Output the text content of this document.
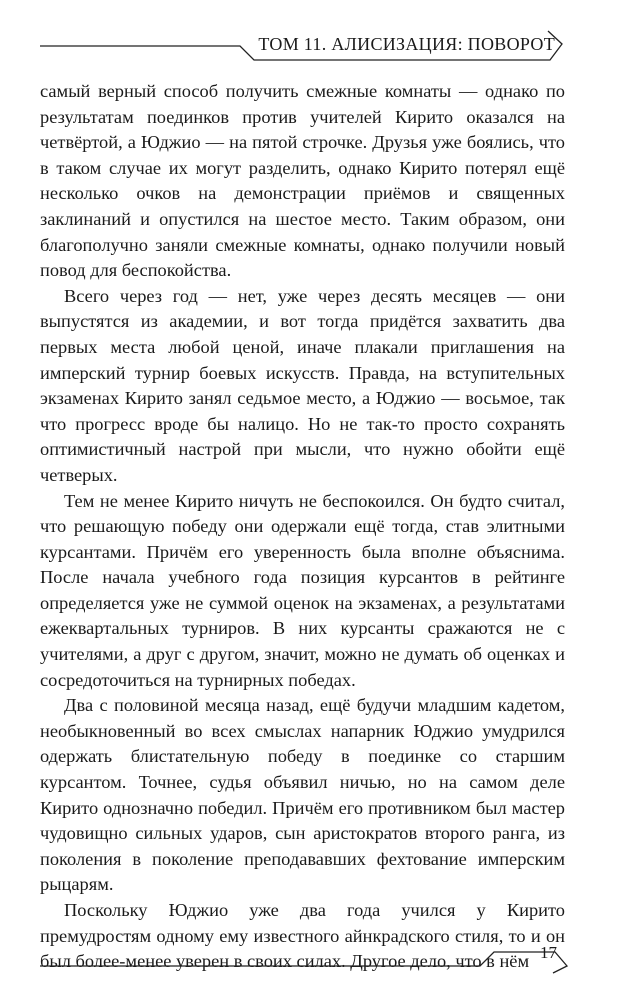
ТОМ 11. АЛИСИЗАЦИЯ: ПОВОРОТ

самый верный способ получить смежные комнаты — однако по результатам поединков против учителей Кирито оказался на четвёртой, а Юджио — на пятой строчке. Друзья уже боялись, что в таком случае их могут разделить, однако Кирито потерял ещё несколько очков на демонстрации приёмов и священных заклинаний и опустился на шестое место. Таким образом, они благополучно заняли смежные комнаты, однако получили новый повод для беспокойства.

Всего через год — нет, уже через десять месяцев — они выпустятся из академии, и вот тогда придётся захватить два первых места любой ценой, иначе плакали приглашения на имперский турнир боевых искусств. Правда, на вступительных экзаменах Кирито занял седьмое место, а Юджио — восьмое, так что прогресс вроде бы налицо. Но не так-то просто сохранять оптимистичный настрой при мысли, что нужно обойти ещё четверых.

Тем не менее Кирито ничуть не беспокоился. Он будто считал, что решающую победу они одержали ещё тогда, став элитными курсантами. Причём его уверенность была вполне объяснима. После начала учебного года позиция курсантов в рейтинге определяется уже не суммой оценок на экзаменах, а результатами ежеквартальных турниров. В них курсанты сражаются не с учителями, а друг с другом, значит, можно не думать об оценках и сосредоточиться на турнирных победах.

Два с половиной месяца назад, ещё будучи младшим кадетом, необыкновенный во всех смыслах напарник Юджио умудрился одержать блистательную победу в поединке со старшим курсантом. Точнее, судья объявил ничью, но на самом деле Кирито однозначно победил. Причём его противником был мастер чудовищно сильных ударов, сын аристократов второго ранга, из поколения в поколение преподававших фехтование имперским рыцарям.

Поскольку Юджио уже два года учился у Кирито премудростям одному ему известного айнкрадского стиля, то и он был более-менее уверен в своих силах. Другое дело, что в нём 17
